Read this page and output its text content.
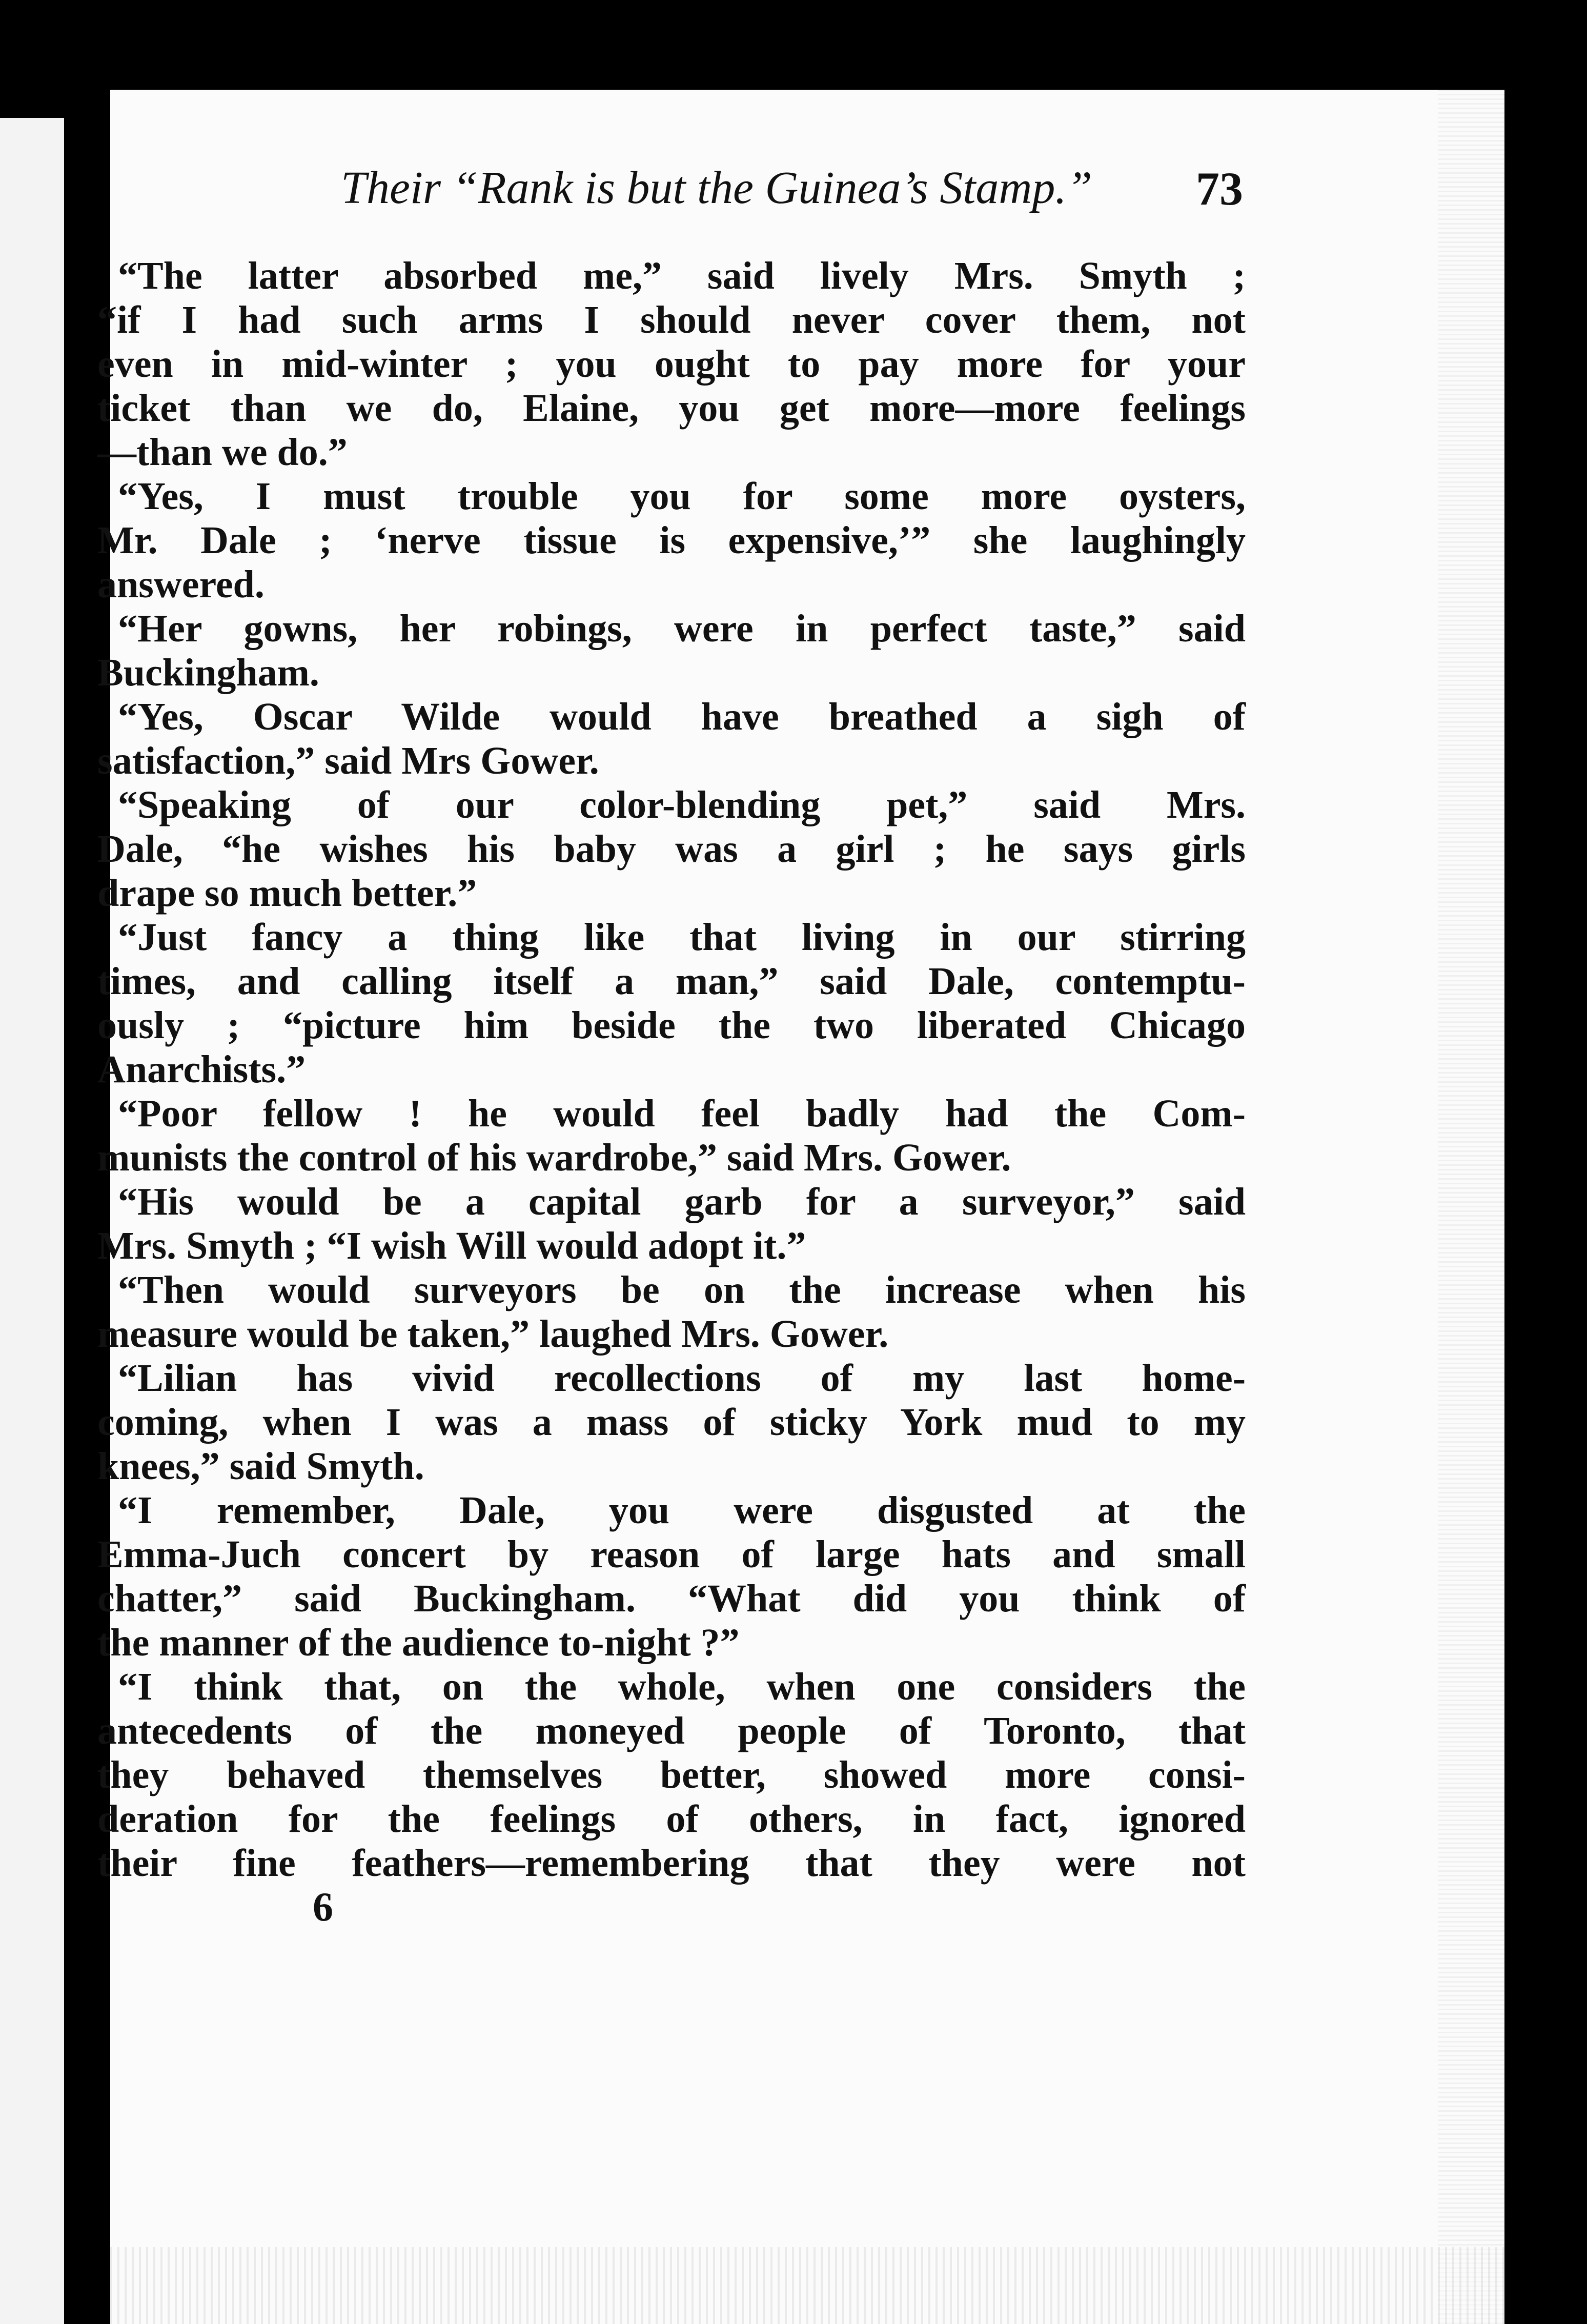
Their “Rank is but the Guinea’s Stamp.” 73
“The latter absorbed me,” said lively Mrs. Smyth ;
“if I had such arms I should never cover them, not
even in mid-winter ; you ought to pay more for your
ticket than we do, Elaine, you get more—more feelings
—than we do.”
“Yes, I must trouble you for some more oysters,
Mr. Dale ; ‘nerve tissue is expensive,’” she laughingly
answered.
“Her gowns, her robings, were in perfect taste,” said
Buckingham.
“Yes, Oscar Wilde would have breathed a sigh of
satisfaction,” said Mrs Gower.
“Speaking of our color-blending pet,” said Mrs.
Dale, “he wishes his baby was a girl ; he says girls
drape so much better.”
“Just fancy a thing like that living in our stirring
times, and calling itself a man,” said Dale, contemptu-
ously ; “picture him beside the two liberated Chicago
Anarchists.”
“Poor fellow ! he would feel badly had the Com-
munists the control of his wardrobe,” said Mrs. Gower.
“His would be a capital garb for a surveyor,” said
Mrs. Smyth ; “I wish Will would adopt it.”
“Then would surveyors be on the increase when his
measure would be taken,” laughed Mrs. Gower.
“Lilian has vivid recollections of my last home-
coming, when I was a mass of sticky York mud to my
knees,” said Smyth.
“I remember, Dale, you were disgusted at the
Emma-Juch concert by reason of large hats and small
chatter,” said Buckingham. “What did you think of
the manner of the audience to-night ?”
“I think that, on the whole, when one considers the
antecedents of the moneyed people of Toronto, that
they behaved themselves better, showed more consi-
deration for the feelings of others, in fact, ignored
their fine feathers—remembering that they were not
6
